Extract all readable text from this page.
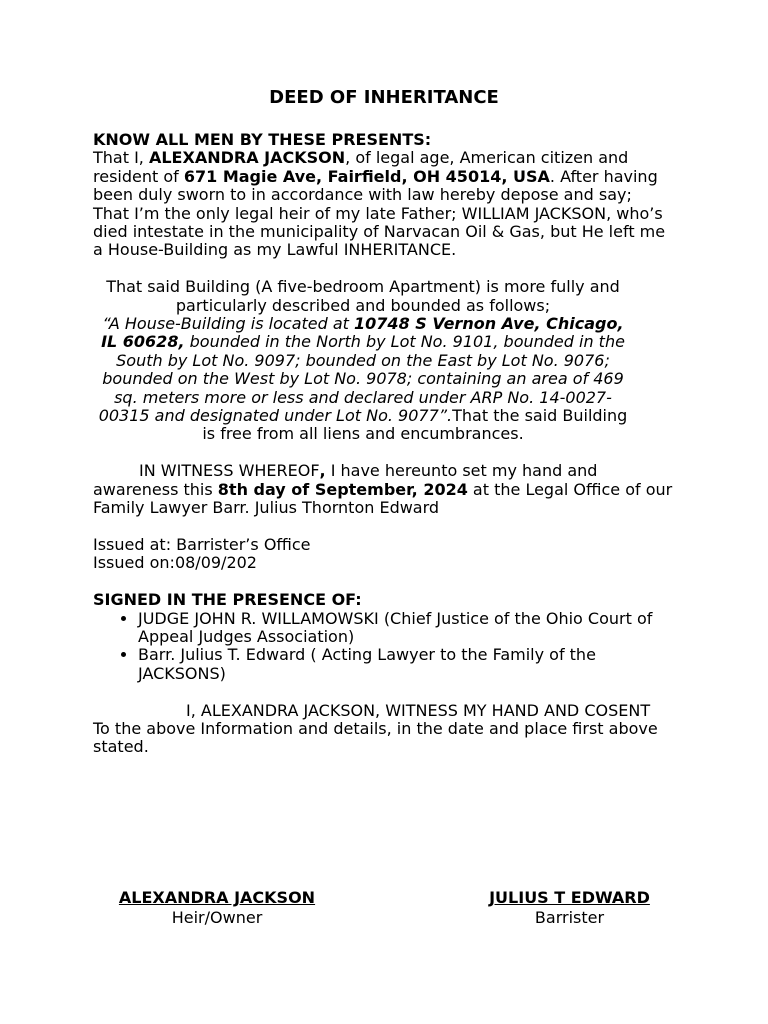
DEED OF INHERITANCE
KNOW ALL MEN BY THESE PRESENTS:

That I, ALEXANDRA JACKSON, of legal age, American citizen and resident of 671 Magie Ave, Fairfield, OH 45014, USA. After having been duly sworn to in accordance with law hereby depose and say;

That I’m the only legal heir of my late Father; WILLIAM JACKSON, who’s died intestate in the municipality of Narvacan Oil & Gas, but He left me a House-Building as my Lawful INHERITANCE.

That said Building (A five-bedroom Apartment) is more fully and particularly described and bounded as follows;
“A House-Building is located at 10748 S Vernon Ave, Chicago, IL 60628, bounded in the North by Lot No. 9101, bounded in the South by Lot No. 9097; bounded on the East by Lot No. 9076; bounded on the West by Lot No. 9078; containing an area of 469 sq. meters more or less and declared under ARP No. 14-0027-00315 and designated under Lot No. 9077”.That the said Building is free from all liens and encumbrances.

IN WITNESS WHEREOF, I have hereunto set my hand and awareness this 8th day of September, 2024 at the Legal Office of our Family Lawyer Barr. Julius Thornton Edward

Issued at: Barrister’s Office
Issued on:08/09/202
SIGNED IN THE PRESENCE OF:
• JUDGE JOHN R. WILLAMOWSKI (Chief Justice of the Ohio Court of Appeal Judges Association)
• Barr. Julius T. Edward ( Acting Lawyer to the Family of the JACKSONS)
I, ALEXANDRA JACKSON, WITNESS MY HAND AND COSENT
To the above Information and details, in the date and place first above stated.
ALEXANDRA JACKSON
Heir/Owner
JULIUS T EDWARD
Barrister
